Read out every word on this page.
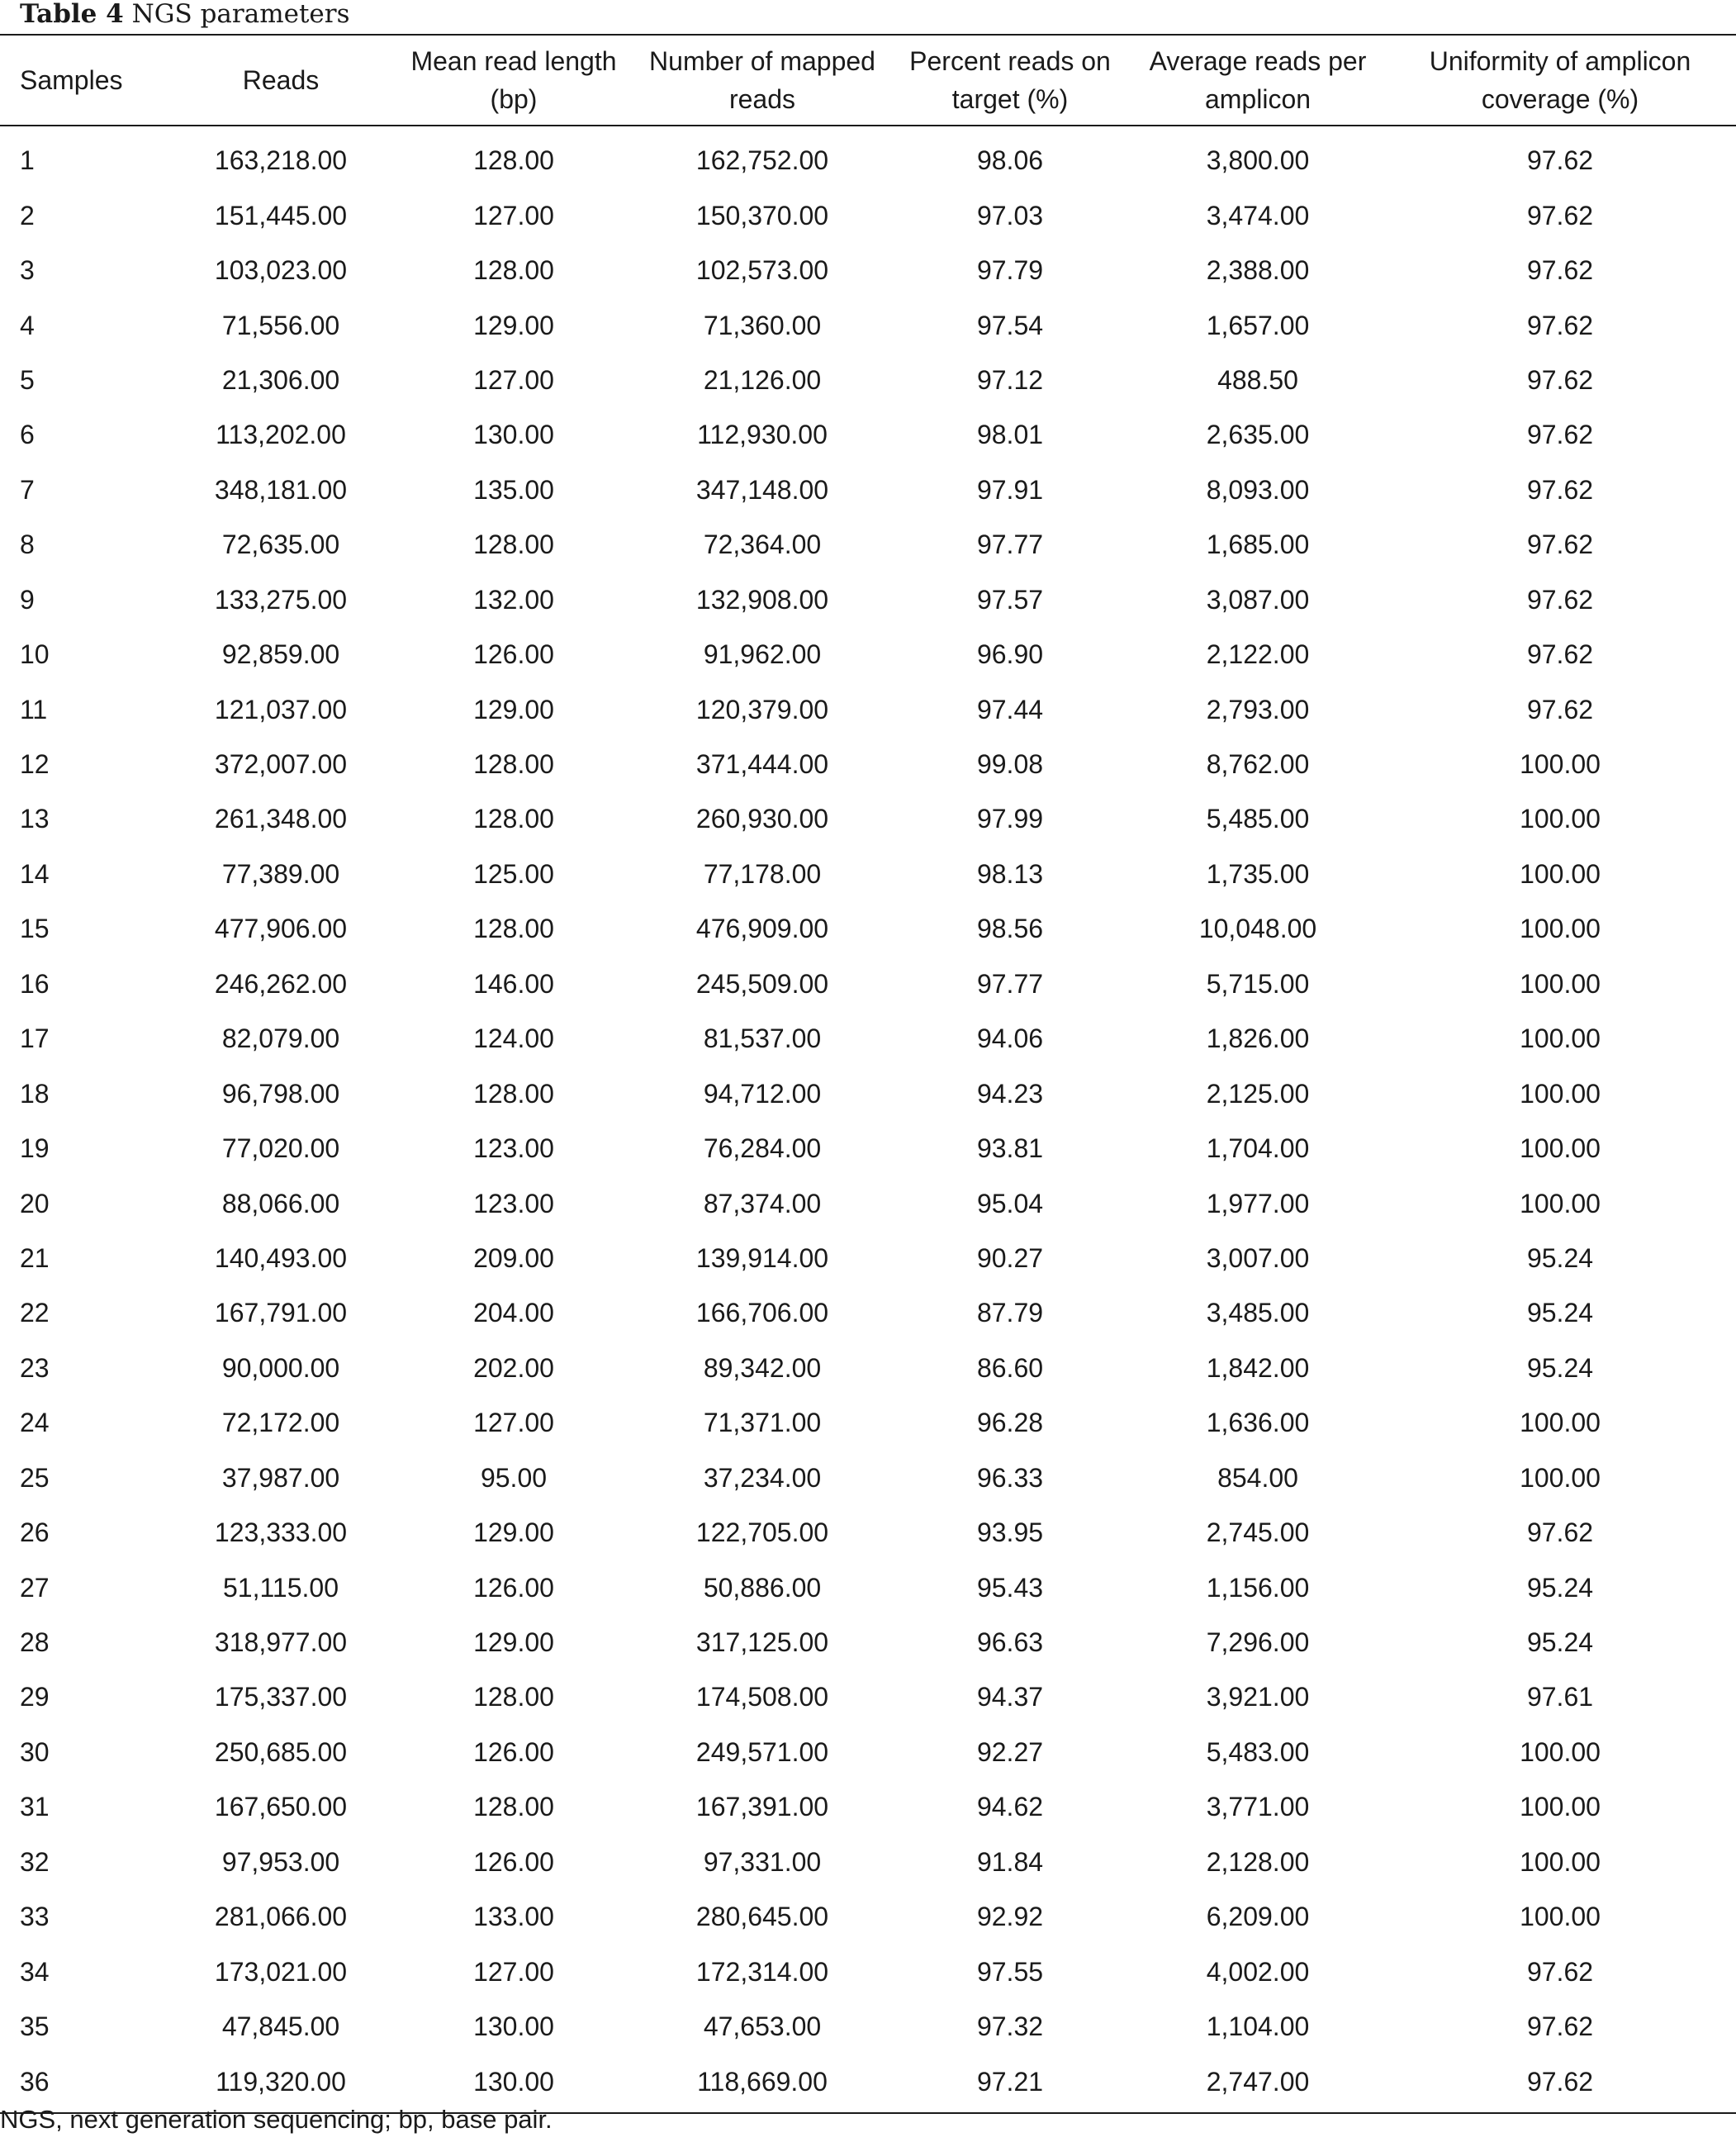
Table 4 NGS parameters
Samples	Reads	Mean read length (bp)	Number of mapped reads	Percent reads on target (%)	Average reads per amplicon	Uniformity of amplicon coverage (%)
1	163,218.00	128.00	162,752.00	98.06	3,800.00	97.62
2	151,445.00	127.00	150,370.00	97.03	3,474.00	97.62
3	103,023.00	128.00	102,573.00	97.79	2,388.00	97.62
4	71,556.00	129.00	71,360.00	97.54	1,657.00	97.62
5	21,306.00	127.00	21,126.00	97.12	488.50	97.62
6	113,202.00	130.00	112,930.00	98.01	2,635.00	97.62
7	348,181.00	135.00	347,148.00	97.91	8,093.00	97.62
8	72,635.00	128.00	72,364.00	97.77	1,685.00	97.62
9	133,275.00	132.00	132,908.00	97.57	3,087.00	97.62
10	92,859.00	126.00	91,962.00	96.90	2,122.00	97.62
11	121,037.00	129.00	120,379.00	97.44	2,793.00	97.62
12	372,007.00	128.00	371,444.00	99.08	8,762.00	100.00
13	261,348.00	128.00	260,930.00	97.99	5,485.00	100.00
14	77,389.00	125.00	77,178.00	98.13	1,735.00	100.00
15	477,906.00	128.00	476,909.00	98.56	10,048.00	100.00
16	246,262.00	146.00	245,509.00	97.77	5,715.00	100.00
17	82,079.00	124.00	81,537.00	94.06	1,826.00	100.00
18	96,798.00	128.00	94,712.00	94.23	2,125.00	100.00
19	77,020.00	123.00	76,284.00	93.81	1,704.00	100.00
20	88,066.00	123.00	87,374.00	95.04	1,977.00	100.00
21	140,493.00	209.00	139,914.00	90.27	3,007.00	95.24
22	167,791.00	204.00	166,706.00	87.79	3,485.00	95.24
23	90,000.00	202.00	89,342.00	86.60	1,842.00	95.24
24	72,172.00	127.00	71,371.00	96.28	1,636.00	100.00
25	37,987.00	95.00	37,234.00	96.33	854.00	100.00
26	123,333.00	129.00	122,705.00	93.95	2,745.00	97.62
27	51,115.00	126.00	50,886.00	95.43	1,156.00	95.24
28	318,977.00	129.00	317,125.00	96.63	7,296.00	95.24
29	175,337.00	128.00	174,508.00	94.37	3,921.00	97.61
30	250,685.00	126.00	249,571.00	92.27	5,483.00	100.00
31	167,650.00	128.00	167,391.00	94.62	3,771.00	100.00
32	97,953.00	126.00	97,331.00	91.84	2,128.00	100.00
33	281,066.00	133.00	280,645.00	92.92	6,209.00	100.00
34	173,021.00	127.00	172,314.00	97.55	4,002.00	97.62
35	47,845.00	130.00	47,653.00	97.32	1,104.00	97.62
36	119,320.00	130.00	118,669.00	97.21	2,747.00	97.62
NGS, next generation sequencing; bp, base pair.
